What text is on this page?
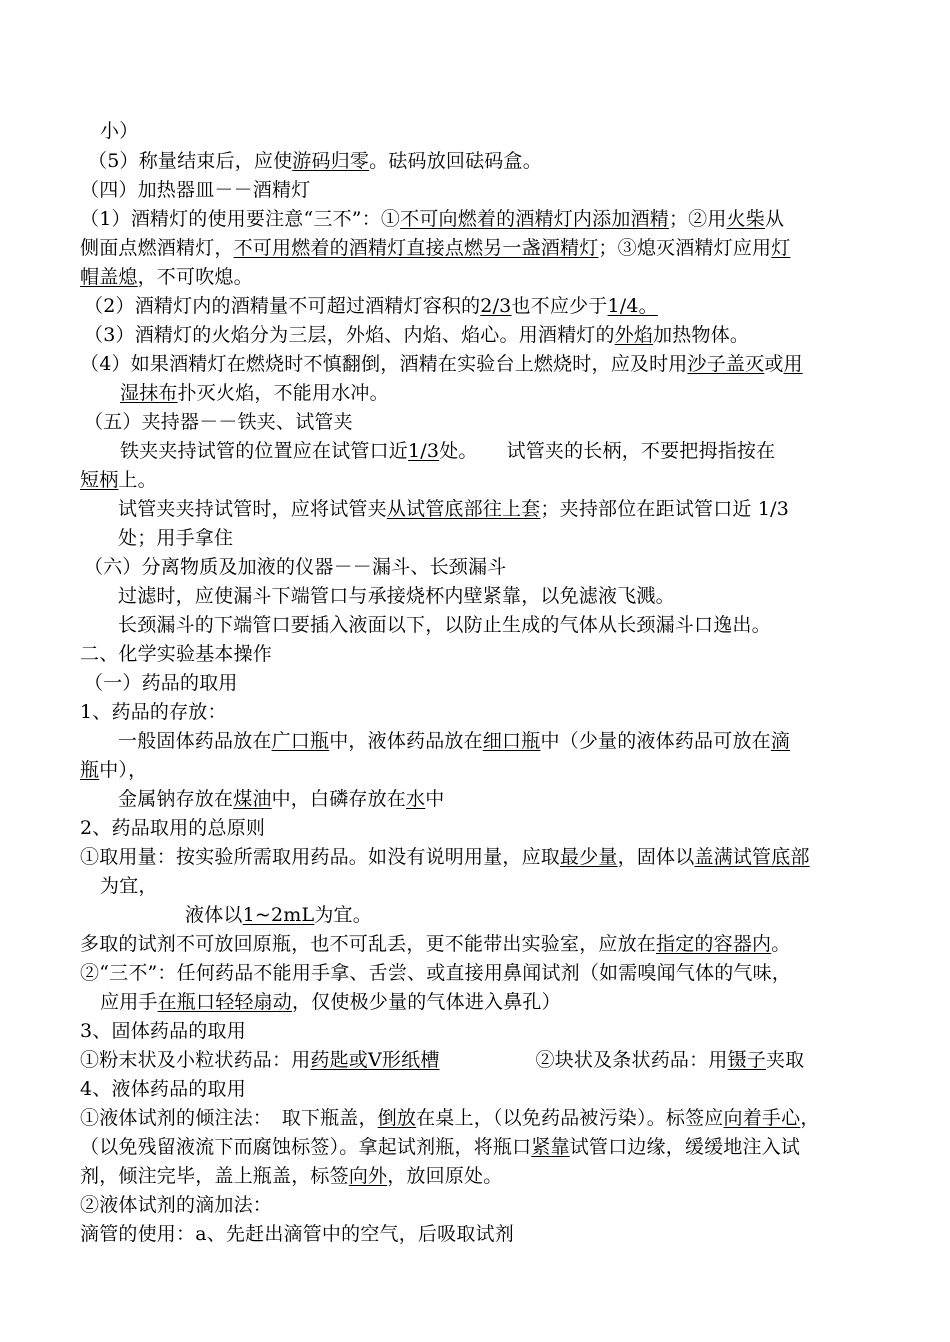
小）
（5）称量结束后，应使游码归零。砝码放回砝码盒。
（四）加热器皿－－酒精灯
（1）酒精灯的使用要注意“三不”：①不可向燃着的酒精灯内添加酒精；②用火柴从
侧面点燃酒精灯，不可用燃着的酒精灯直接点燃另一盏酒精灯；③熄灭酒精灯应用灯
帽盖熄，不可吹熄。
（2）酒精灯内的酒精量不可超过酒精灯容积的2/3也不应少于1/4。
（3）酒精灯的火焰分为三层，外焰、内焰、焰心。用酒精灯的外焰加热物体。
（4）如果酒精灯在燃烧时不慎翻倒，酒精在实验台上燃烧时，应及时用沙子盖灭或用
湿抹布扑灭火焰，不能用水冲。
（五）夹持器－－铁夹、试管夹
铁夹夹持试管的位置应在试管口近1/3处。　　试管夹的长柄，不要把拇指按在
短柄上。
试管夹夹持试管时，应将试管夹从试管底部往上套；夹持部位在距试管口近 1/3
处；用手拿住
（六）分离物质及加液的仪器－－漏斗、长颈漏斗
过滤时，应使漏斗下端管口与承接烧杯内壁紧靠，以免滤液飞溅。
长颈漏斗的下端管口要插入液面以下，以防止生成的气体从长颈漏斗口逸出。
二、化学实验基本操作
（一）药品的取用
1、药品的存放：
一般固体药品放在广口瓶中，液体药品放在细口瓶中（少量的液体药品可放在滴
瓶中），
金属钠存放在煤油中，白磷存放在水中
2、药品取用的总原则
①取用量：按实验所需取用药品。如没有说明用量，应取最少量，固体以盖满试管底部
为宜，
液体以1~2mL为宜。
多取的试剂不可放回原瓶，也不可乱丢，更不能带出实验室，应放在指定的容器内。
②“三不”：任何药品不能用手拿、舌尝、或直接用鼻闻试剂（如需嗅闻气体的气味，
应用手在瓶口轻轻扇动，仅使极少量的气体进入鼻孔）
3、固体药品的取用
①粉末状及小粒状药品：用药匙或V形纸槽　　　　　②块状及条状药品：用镊子夹取
4、液体药品的取用
①液体试剂的倾注法：　取下瓶盖，倒放在桌上，（以免药品被污染）。标签应向着手心，
（以免残留液流下而腐蚀标签）。拿起试剂瓶，将瓶口紧靠试管口边缘，缓缓地注入试
剂，倾注完毕，盖上瓶盖，标签向外，放回原处。
②液体试剂的滴加法：
滴管的使用：a、先赶出滴管中的空气，后吸取试剂
